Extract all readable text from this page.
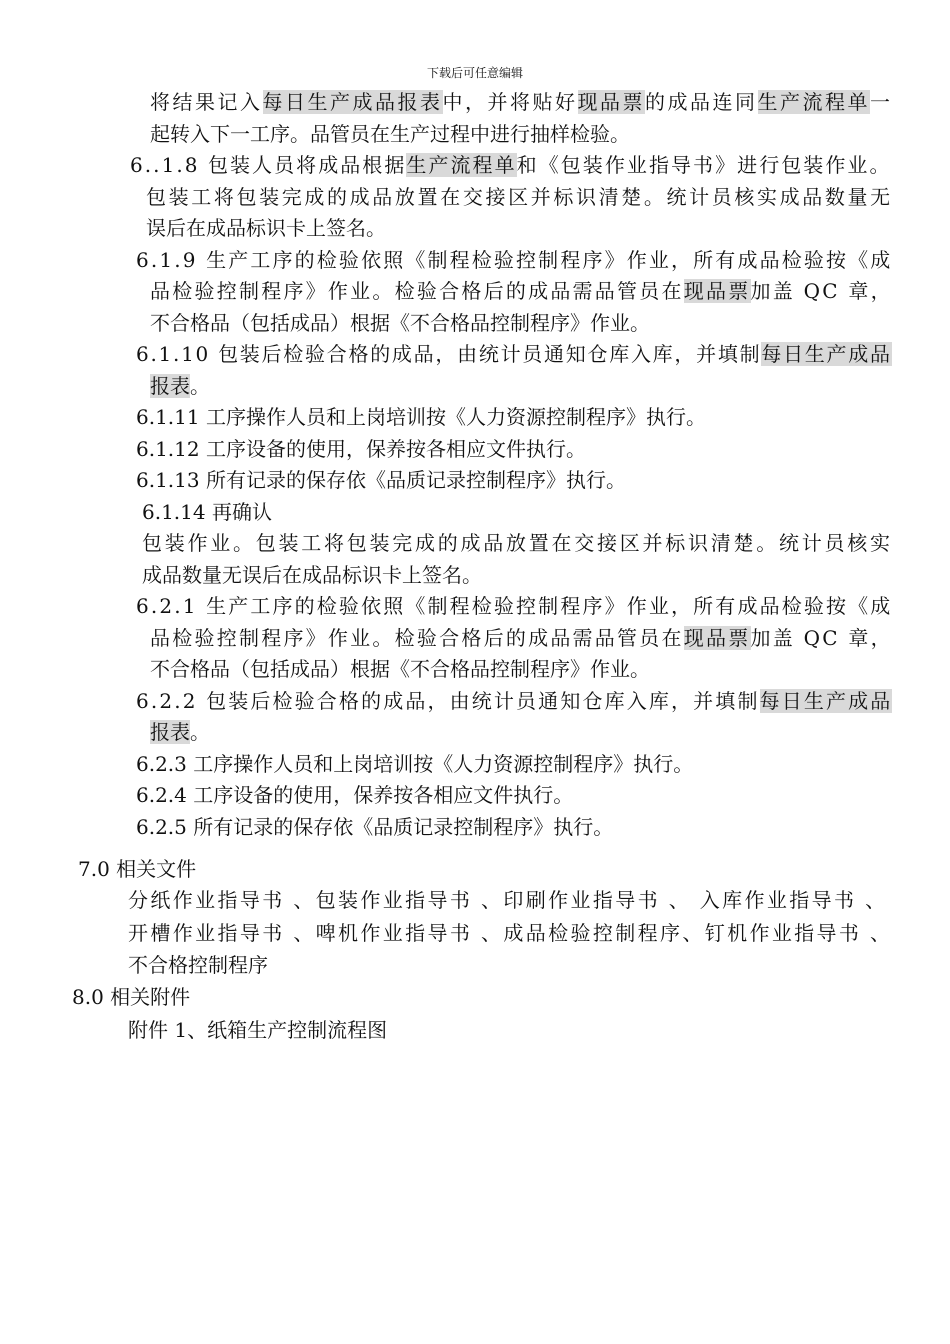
下载后可任意编辑
将结果记入每日生产成品报表中，并将贴好现品票的成品连同生产流程单一
起转入下一工序。品管员在生产过程中进行抽样检验。
6..1.8 包装人员将成品根据生产流程单和《包装作业指导书》进行包装作业。
包装工将包装完成的成品放置在交接区并标识清楚。统计员核实成品数量无
误后在成品标识卡上签名。
6.1.9 生产工序的检验依照《制程检验控制程序》作业，所有成品检验按《成
品检验控制程序》作业。检验合格后的成品需品管员在现品票加盖 QC 章，
不合格品（包括成品）根据《不合格品控制程序》作业。
6.1.10 包装后检验合格的成品，由统计员通知仓库入库，并填制每日生产成品
报表。
6.1.11 工序操作人员和上岗培训按《人力资源控制程序》执行。
6.1.12 工序设备的使用，保养按各相应文件执行。
6.1.13 所有记录的保存依《品质记录控制程序》执行。
6.1.14 再确认
包装作业。包装工将包装完成的成品放置在交接区并标识清楚。统计员核实
成品数量无误后在成品标识卡上签名。
6.2.1 生产工序的检验依照《制程检验控制程序》作业，所有成品检验按《成
品检验控制程序》作业。检验合格后的成品需品管员在现品票加盖 QC 章，
不合格品（包括成品）根据《不合格品控制程序》作业。
6.2.2 包装后检验合格的成品，由统计员通知仓库入库，并填制每日生产成品
报表。
6.2.3 工序操作人员和上岗培训按《人力资源控制程序》执行。
6.2.4 工序设备的使用，保养按各相应文件执行。
6.2.5 所有记录的保存依《品质记录控制程序》执行。
7.0 相关文件
分纸作业指导书 、包装作业指导书 、印刷作业指导书 、 入库作业指导书 、
开槽作业指导书 、啤机作业指导书 、成品检验控制程序、钉机作业指导书 、
不合格控制程序
8.0 相关附件
附件 1、纸箱生产控制流程图
